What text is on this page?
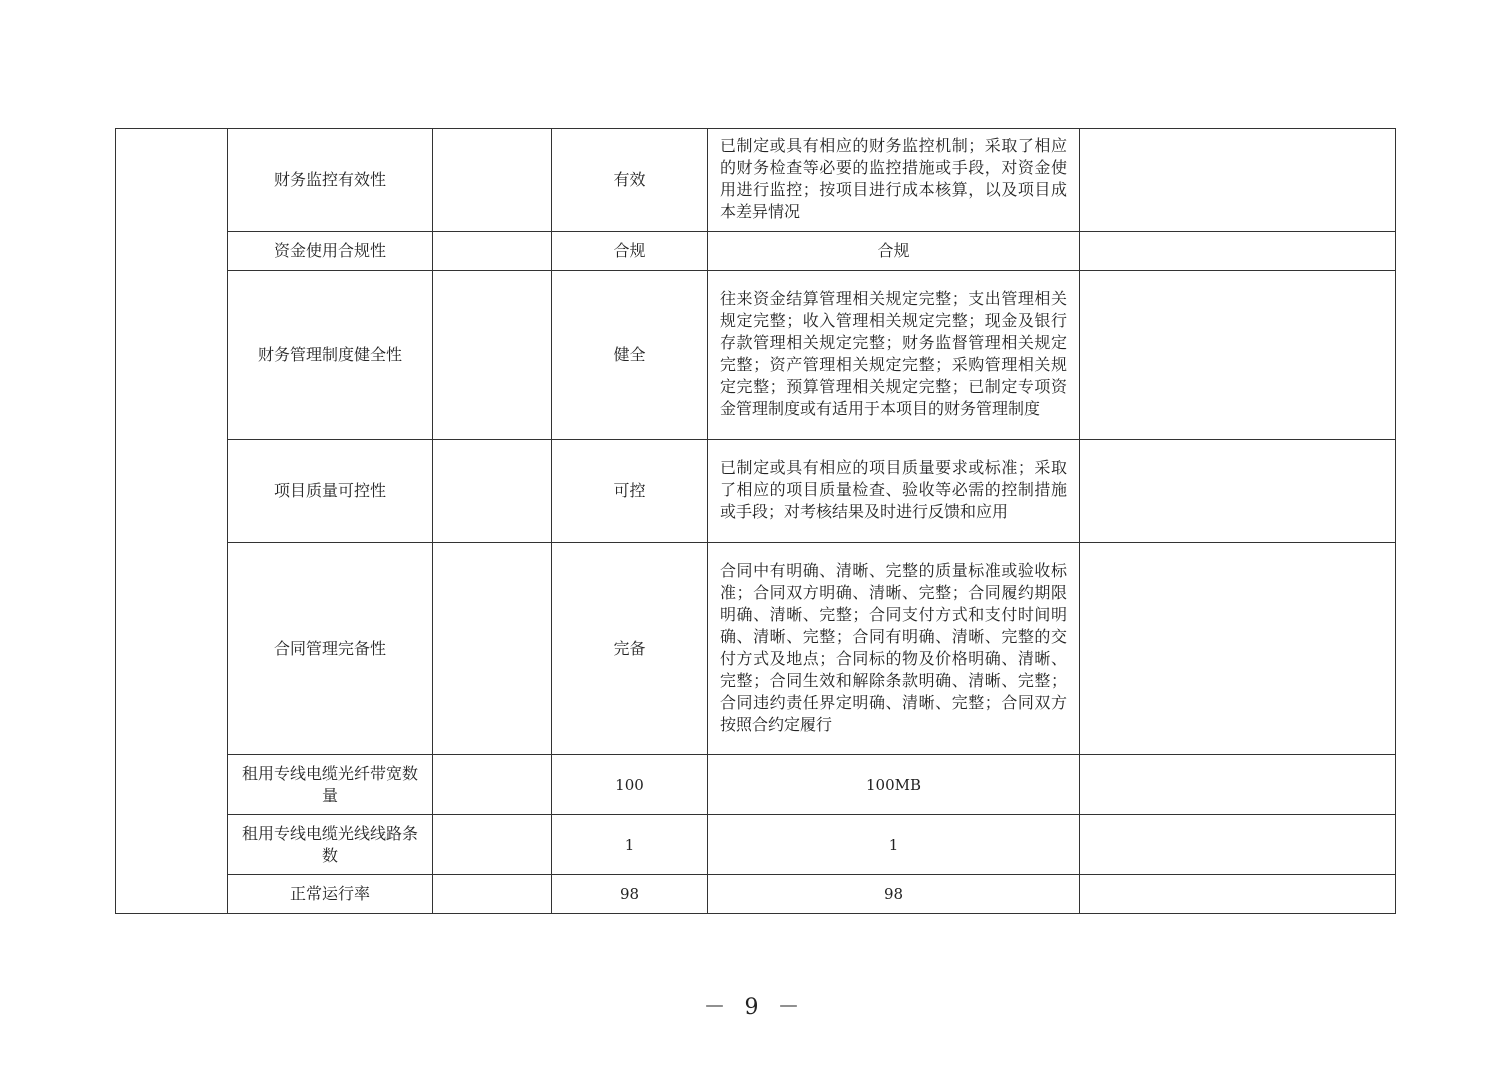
	财务监控有效性		有效	已制定或具有相应的财务监控机制；采取了相应的财务检查等必要的监控措施或手段，对资金使用进行监控；按项目进行成本核算，以及项目成本差异情况	
	资金使用合规性		合规	合规	
	财务管理制度健全性		健全	往来资金结算管理相关规定完整；支出管理相关规定完整；收入管理相关规定完整；现金及银行存款管理相关规定完整；财务监督管理相关规定完整；资产管理相关规定完整；采购管理相关规定完整；预算管理相关规定完整；已制定专项资金管理制度或有适用于本项目的财务管理制度	
	项目质量可控性		可控	已制定或具有相应的项目质量要求或标准；采取了相应的项目质量检查、验收等必需的控制措施或手段；对考核结果及时进行反馈和应用	
	合同管理完备性		完备	合同中有明确、清晰、完整的质量标准或验收标准；合同双方明确、清晰、完整；合同履约期限明确、清晰、完整；合同支付方式和支付时间明确、清晰、完整；合同有明确、清晰、完整的交付方式及地点；合同标的物及价格明确、清晰、完整；合同生效和解除条款明确、清晰、完整；合同违约责任界定明确、清晰、完整；合同双方按照合约定履行	
	租用专线电缆光纤带宽数量		100	100MB	
	租用专线电缆光线线路条数		1	1	
	正常运行率		98	98	
－ 9 －
